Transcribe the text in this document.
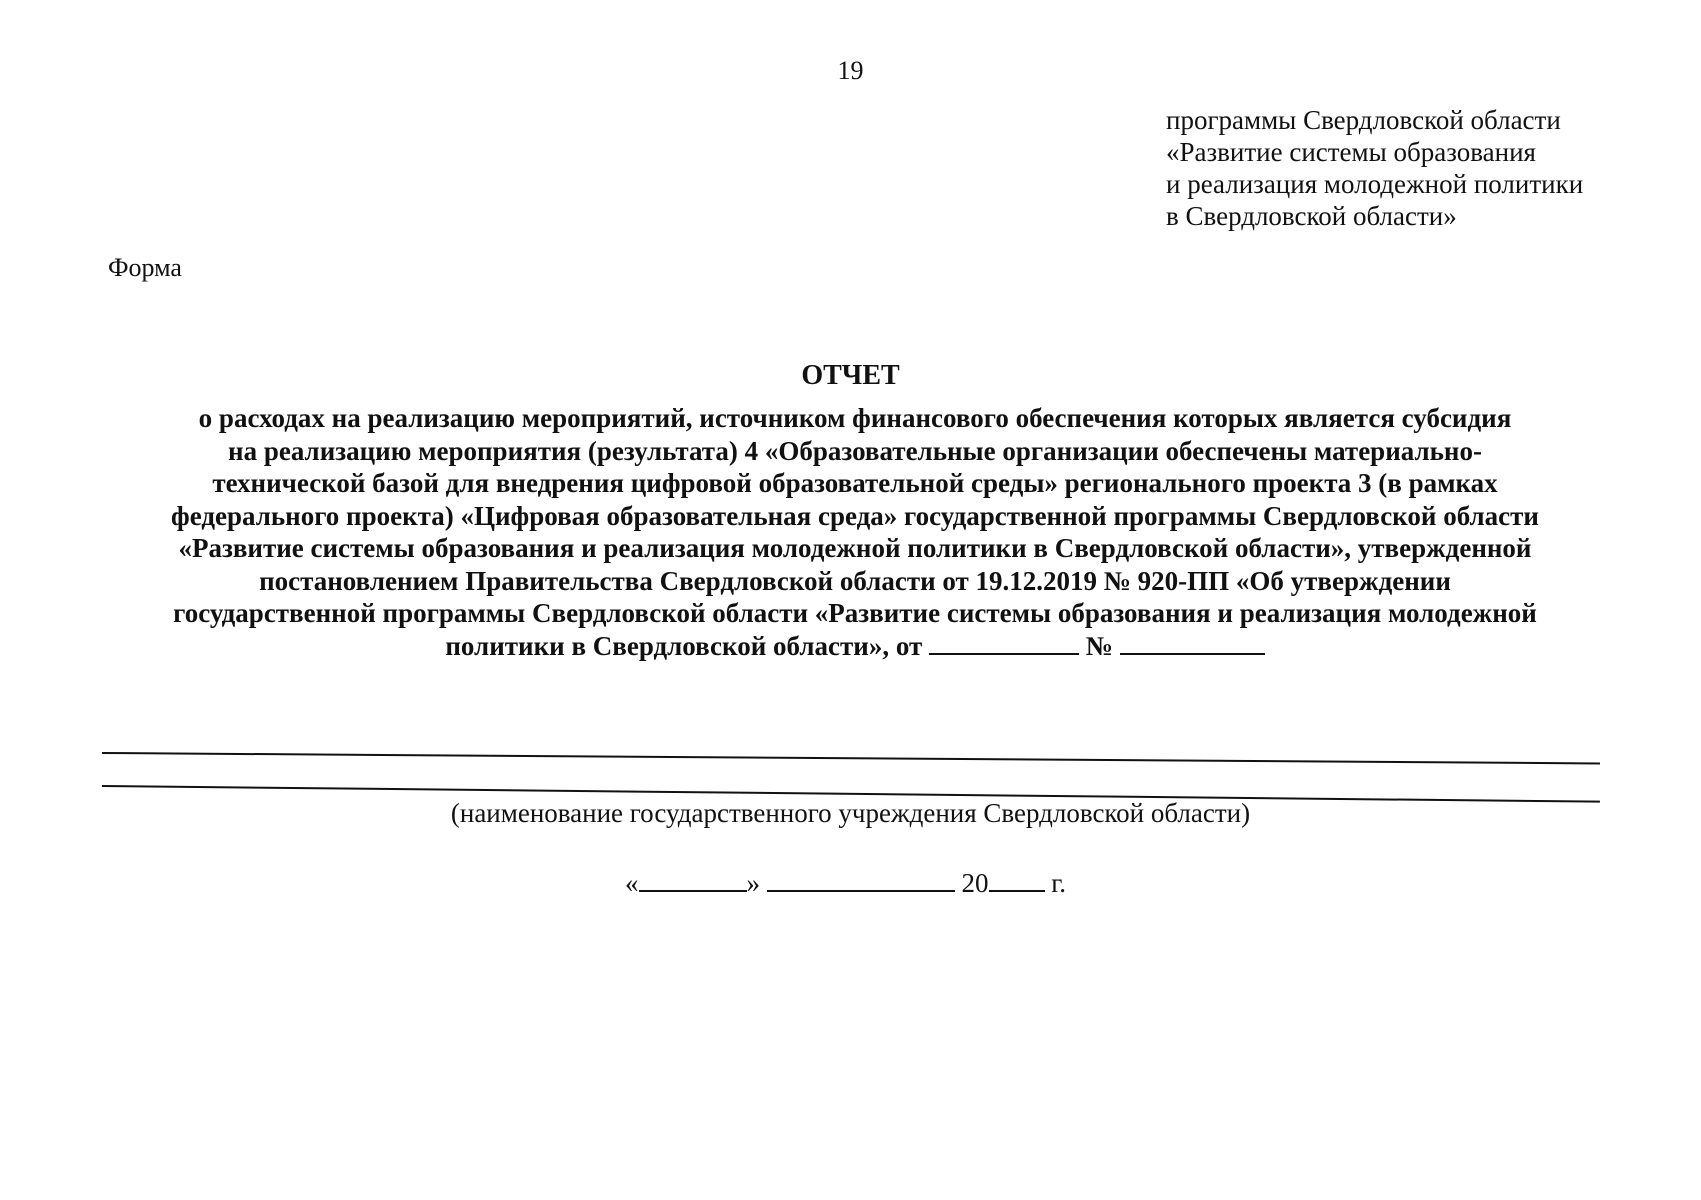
19
программы Свердловской области
«Развитие системы образования
и реализация молодежной политики
в Свердловской области»
Форма
ОТЧЕТ
о расходах на реализацию мероприятий, источником финансового обеспечения которых является субсидия
на реализацию мероприятия (результата) 4 «Образовательные организации обеспечены материально-
технической базой для внедрения цифровой образовательной среды» регионального проекта 3 (в рамках
федерального проекта) «Цифровая образовательная среда» государственной программы Свердловской области
«Развитие системы образования и реализация молодежной политики в Свердловской области», утвержденной
постановлением Правительства Свердловской области от 19.12.2019 № 920-ПП «Об утверждении
государственной программы Свердловской области «Развитие системы образования и реализация молодежной
политики в Свердловской области», от	№
(наименование государственного учреждения Свердловской области)
«	»	20 г.
